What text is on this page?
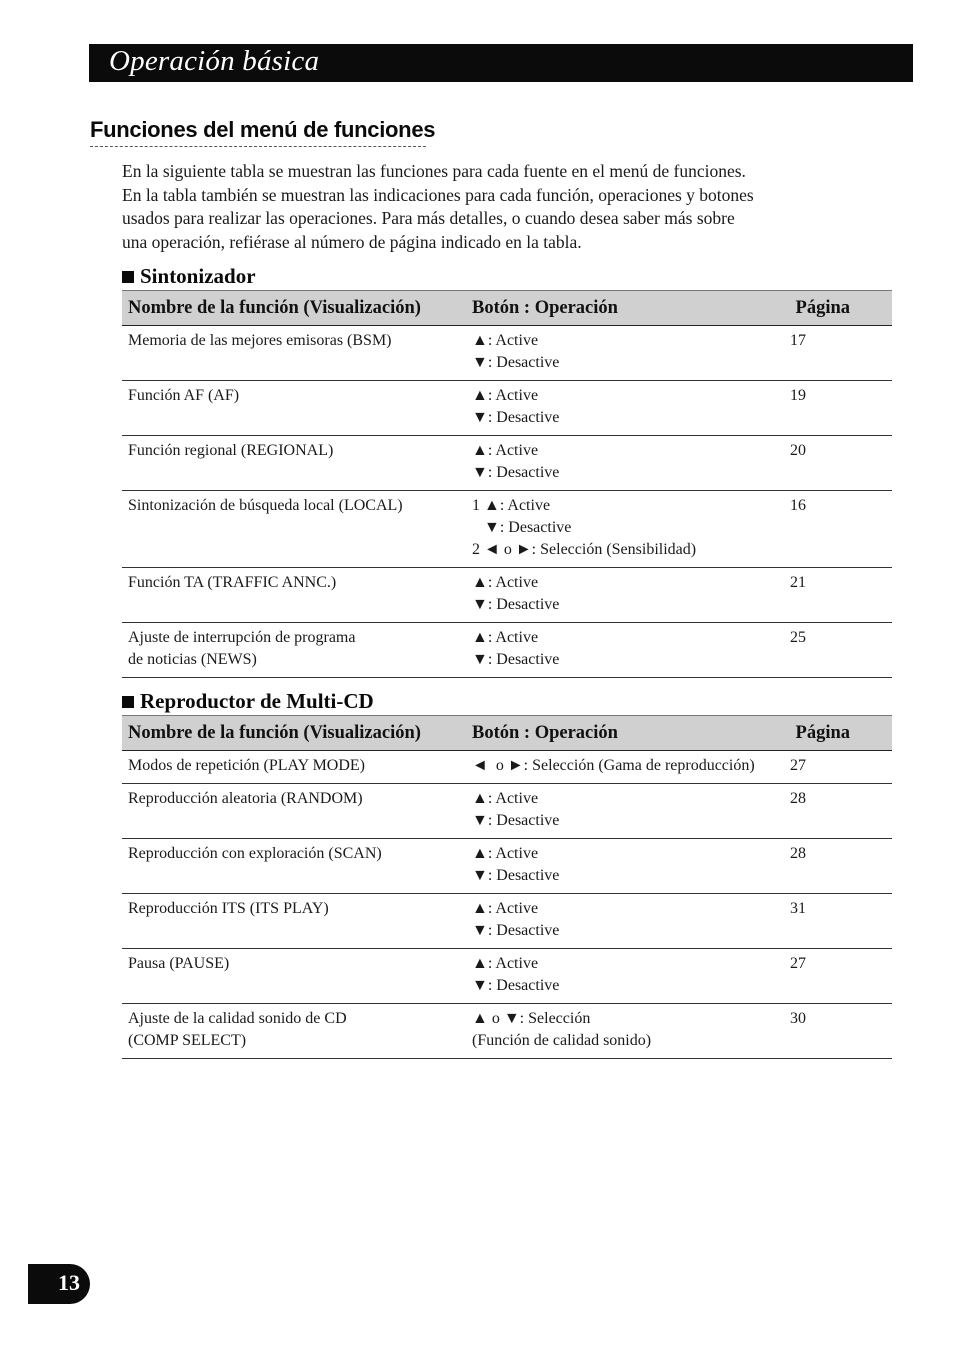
Operación básica
Funciones del menú de funciones
En la siguiente tabla se muestran las funciones para cada fuente en el menú de funciones.
En la tabla también se muestran las indicaciones para cada función, operaciones y botones
usados para realizar las operaciones. Para más detalles, o cuando desea saber más sobre
una operación, refiérase al número de página indicado en la tabla.
Sintonizador
Nombre de la función (Visualización)	Botón : Operación	Página

Memoria de las mejores emisoras (BSM)	▲: Active
▼: Desactive	17

Función AF (AF)	▲: Active
▼: Desactive	19

Función regional (REGIONAL)	▲: Active
▼: Desactive	20

Sintonización de búsqueda local (LOCAL)	1 ▲: Active
▼: Desactive
2 ◄ o ►: Selección (Sensibilidad)	16

Función TA (TRAFFIC ANNC.)	▲: Active
▼: Desactive	21

Ajuste de interrupción de programa
de noticias (NEWS)	▲: Active
▼: Desactive	25
Reproductor de Multi-CD
Nombre de la función (Visualización)	Botón : Operación	Página

Modos de repetición (PLAY MODE)	◄  o ►: Selección (Gama de reproducción)	27

Reproducción aleatoria (RANDOM)	▲: Active
▼: Desactive	28

Reproducción con exploración (SCAN)	▲: Active
▼: Desactive	28

Reproducción ITS (ITS PLAY)	▲: Active
▼: Desactive	31

Pausa (PAUSE)	▲: Active
▼: Desactive	27

Ajuste de la calidad sonido de CD
(COMP SELECT)	▲ o ▼: Selección
(Función de calidad sonido)	30
13
